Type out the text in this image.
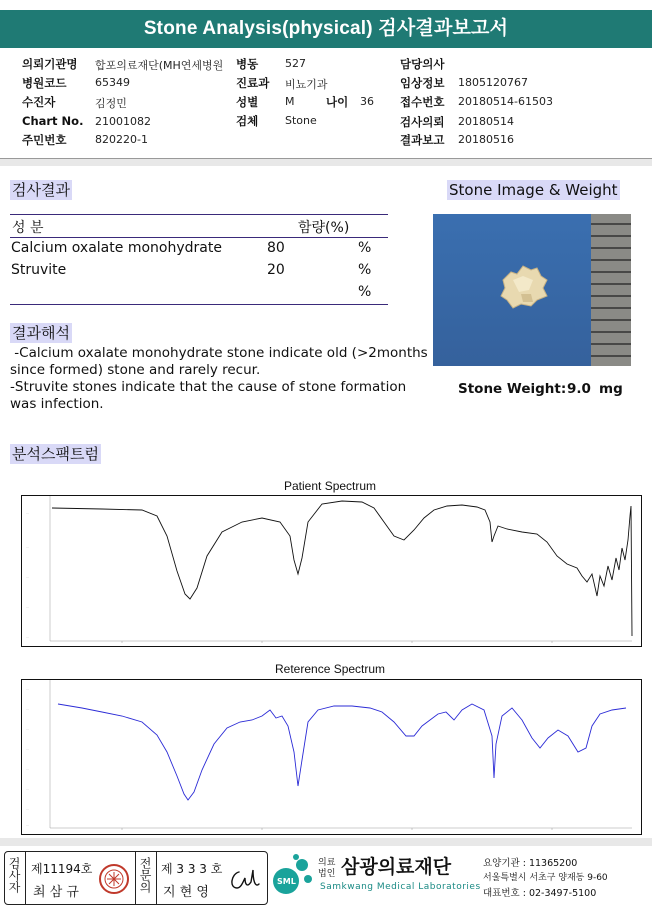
Stone Analysis(physical) 검사결과보고서
의뢰기관명 합포의료재단(MH연세병원 병동 527	담당의사
병원코드	65349	진료과 비뇨기과	임상정보 1805120767
수진자	김정민	성별 M	나이 36 접수번호 20180514-61503
Chart No. 21001082	검체 Stone	검사의뢰 20180514
주민번호	820220-1	결과보고 20180516
검사결과
성 분	함량(%)
Calcium oxalate monohydrate	80	%
Struvite	20	%
%
Stone Image & Weight
Stone Weight: 9.0 mg
결과해석
-Calcium oxalate monohydrate stone indicate old (>2months
since formed) stone and rarely recur.
-Struvite stones indicate that the cause of stone formation
was infection.
분석스팩트럼
Patient Spectrum
...
...
...
...
...
Reterence Spectrum
...
...
...
...
...
...
...
...
검사자 제11194호
최 삼 규	전문의 제 3 3 3 호
지 현 영
SML
의료
법인 삼광의료재단
Samkwang Medical Laboratories
요양기관 : 11365200
서울특별시 서초구 양재동 9-60
대표번호 : 02-3497-5100
